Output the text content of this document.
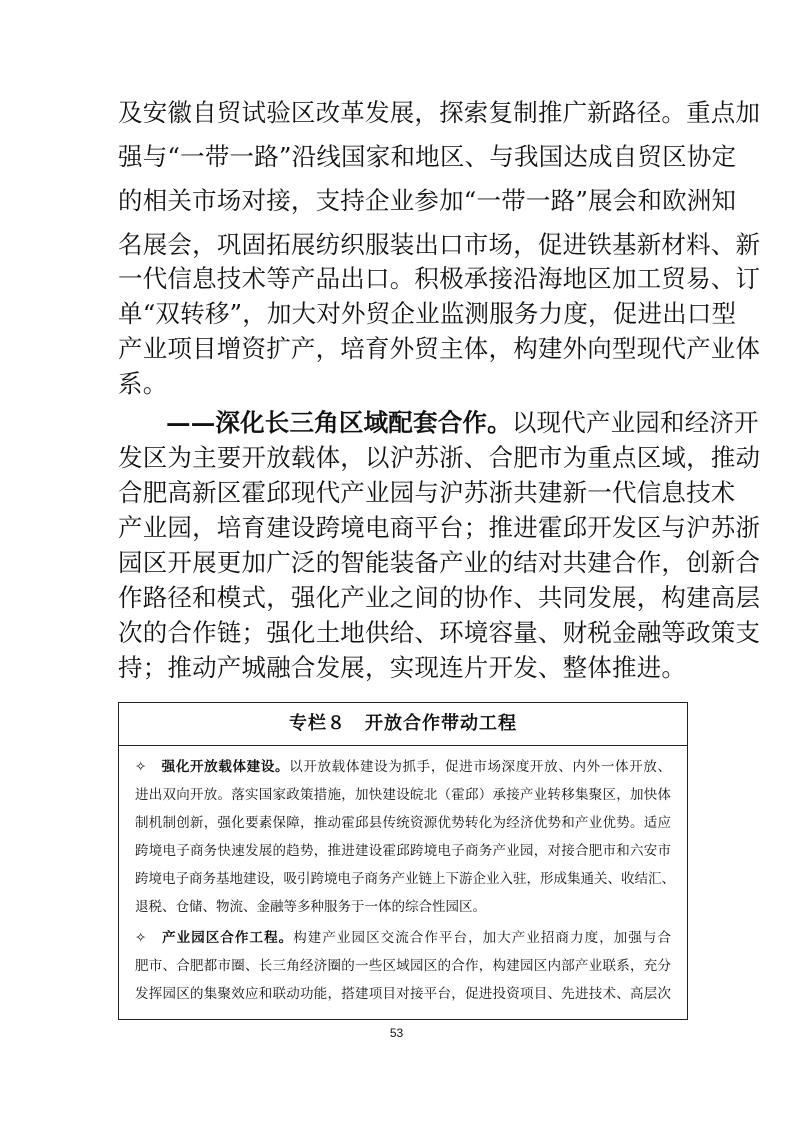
及安徽自贸试验区改革发展，探索复制推广新路径。重点加
强与“一带一路”沿线国家和地区、与我国达成自贸区协定
的相关市场对接，支持企业参加“一带一路”展会和欧洲知
名展会，巩固拓展纺织服装出口市场，促进铁基新材料、新
一代信息技术等产品出口。积极承接沿海地区加工贸易、订
单“双转移”，加大对外贸企业监测服务力度，促进出口型
产业项目增资扩产，培育外贸主体，构建外向型现代产业体
系。
——深化长三角区域配套合作。以现代产业园和经济开
发区为主要开放载体，以沪苏浙、合肥市为重点区域，推动
合肥高新区霍邱现代产业园与沪苏浙共建新一代信息技术
产业园，培育建设跨境电商平台；推进霍邱开发区与沪苏浙
园区开展更加广泛的智能装备产业的结对共建合作，创新合
作路径和模式，强化产业之间的协作、共同发展，构建高层
次的合作链；强化土地供给、环境容量、财税金融等政策支
专栏８　开放合作带动工程
✧ 强化开放载体建设。以开放载体建设为抓手，促进市场深度开放、内外一体开放、
进出双向开放。落实国家政策措施，加快建设皖北（霍邱）承接产业转移集聚区，加快体
制机制创新，强化要素保障，推动霍邱县传统资源优势转化为经济优势和产业优势。适应
跨境电子商务快速发展的趋势，推进建设霍邱跨境电子商务产业园，对接合肥市和六安市
跨境电子商务基地建设，吸引跨境电子商务产业链上下游企业入驻，形成集通关、收结汇、
退税、仓储、物流、金融等多种服务于一体的综合性园区。
✧ 产业园区合作工程。构建产业园区交流合作平台，加大产业招商力度，加强与合
肥市、合肥都市圈、长三角经济圈的一些区域园区的合作，构建园区内部产业联系，充分
发挥园区的集聚效应和联动功能，搭建项目对接平台，促进投资项目、先进技术、高层次
53
持；推动产城融合发展，实现连片开发、整体推进。
